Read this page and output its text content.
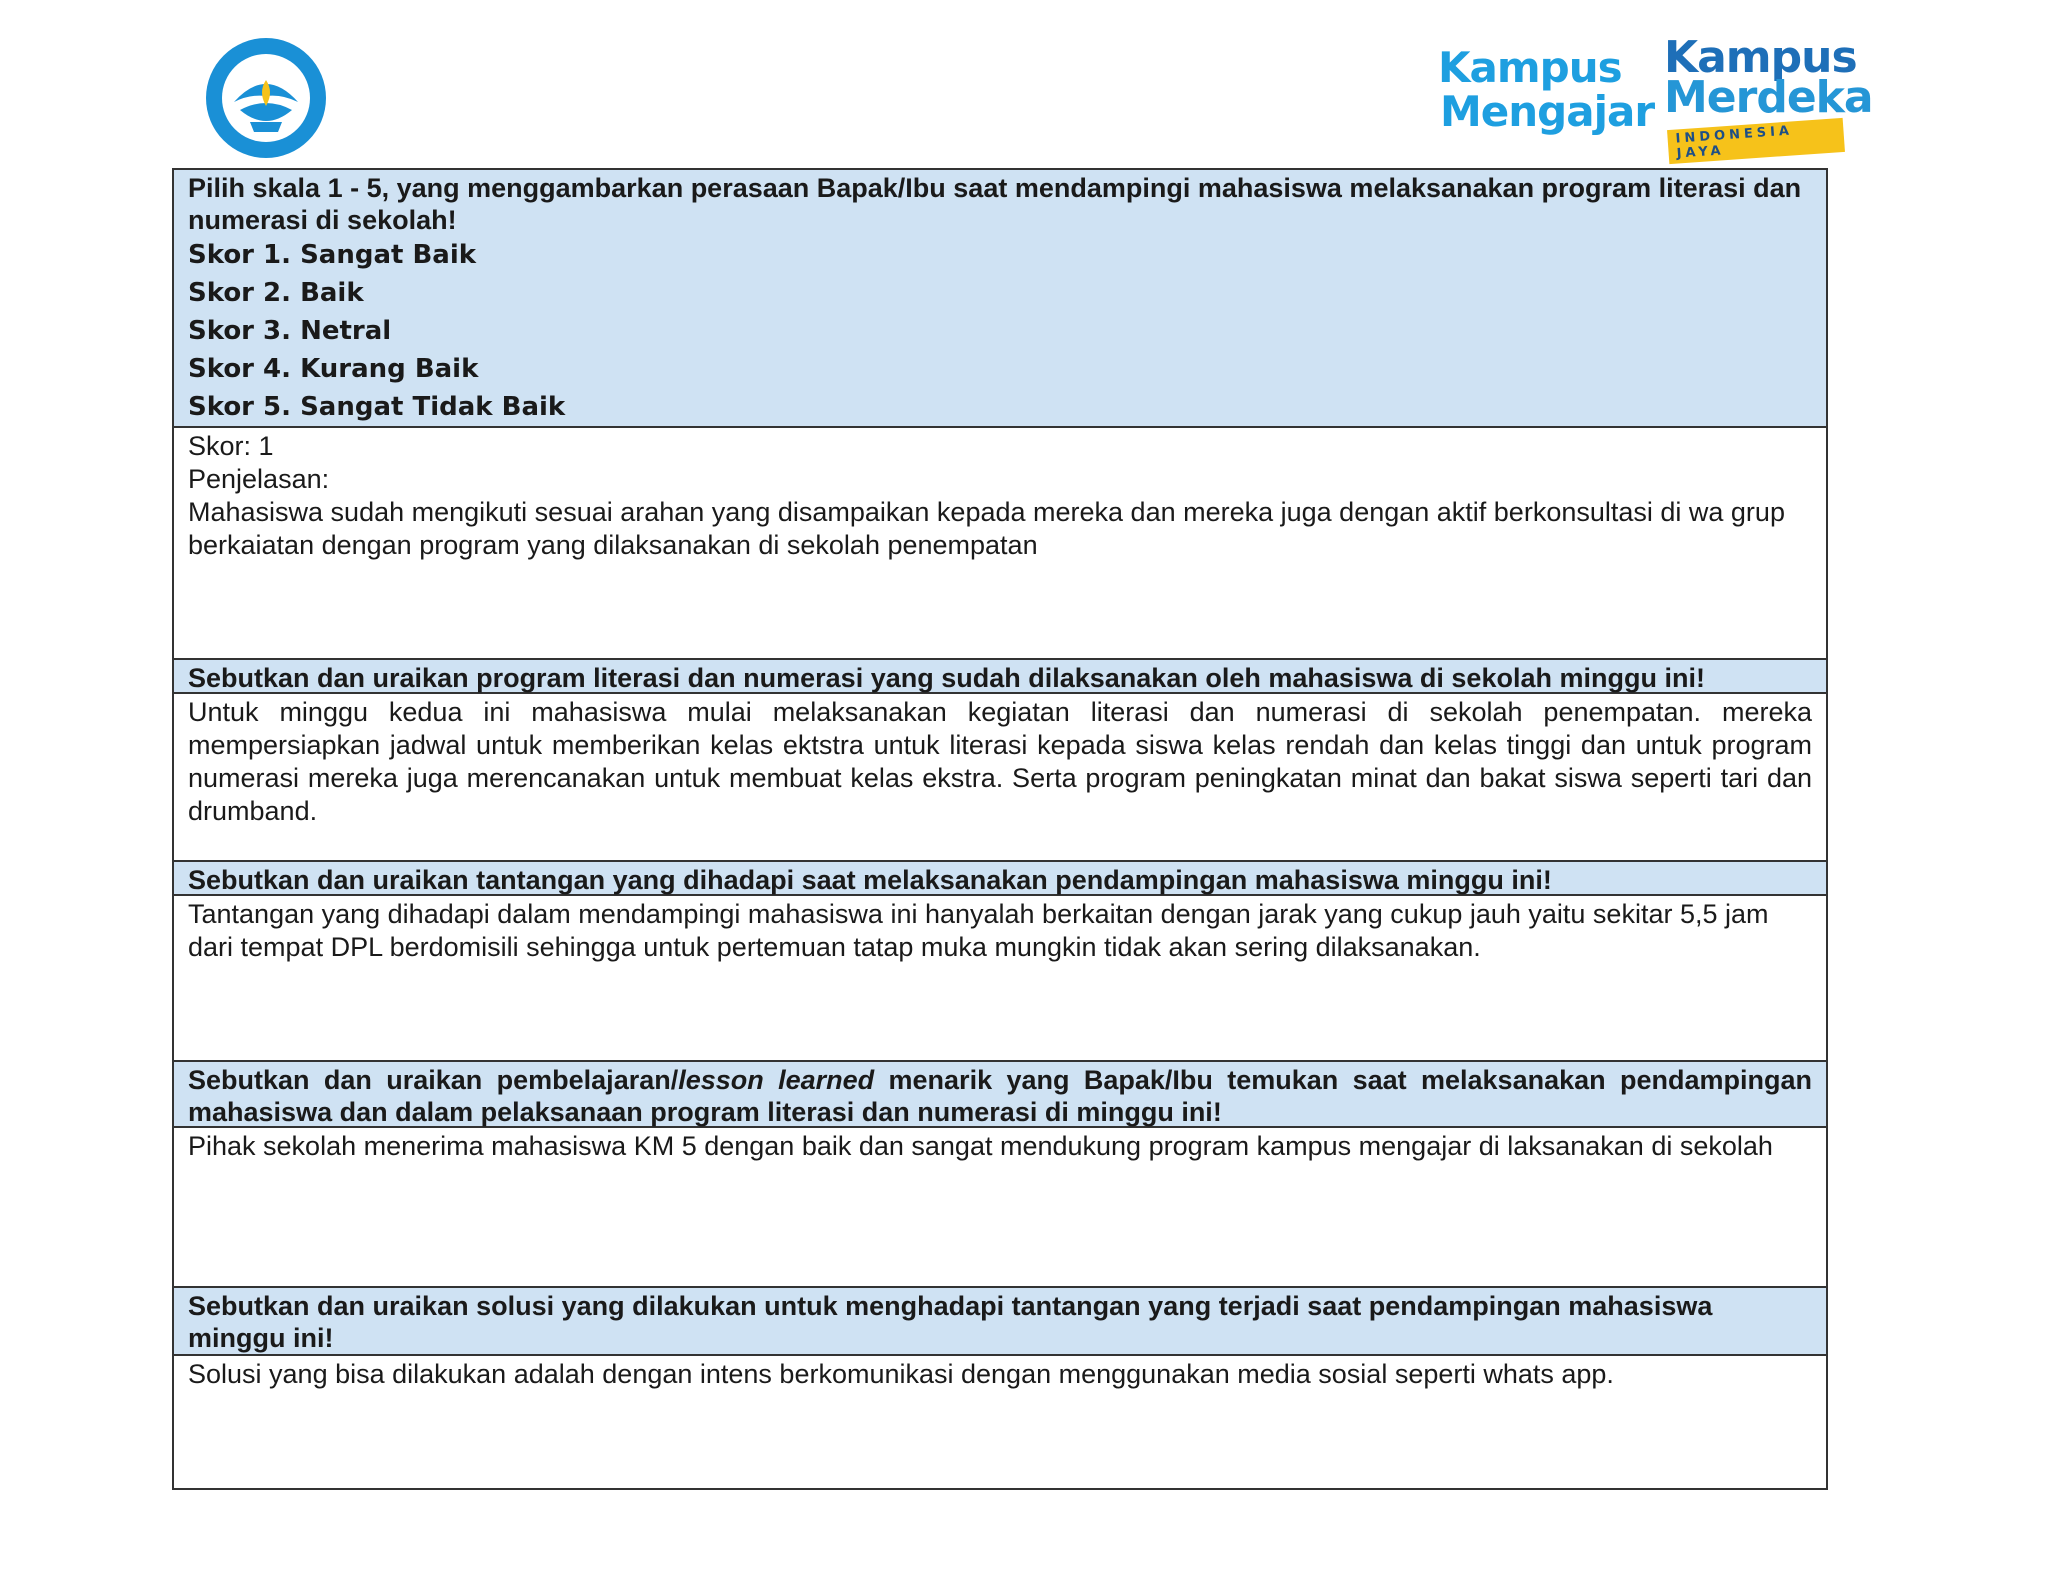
Kampus
Mengajar
Kampus
Merdeka
INDONESIA JAYA
Pilih skala 1 - 5, yang menggambarkan perasaan Bapak/Ibu saat mendampingi mahasiswa melaksanakan program literasi dan numerasi di sekolah!
Skor 1. Sangat Baik
Skor 2. Baik
Skor 3. Netral
Skor 4. Kurang Baik
Skor 5. Sangat Tidak Baik
Skor: 1
Penjelasan:
Mahasiswa sudah mengikuti sesuai arahan yang disampaikan kepada mereka dan mereka juga dengan aktif berkonsultasi di wa grup berkaiatan dengan program yang dilaksanakan di sekolah penempatan
Sebutkan dan uraikan program literasi dan numerasi yang sudah dilaksanakan oleh mahasiswa di sekolah minggu ini!
Untuk minggu kedua ini mahasiswa mulai melaksanakan kegiatan literasi dan numerasi di sekolah penempatan. mereka mempersiapkan jadwal untuk memberikan kelas ektstra untuk literasi kepada siswa kelas rendah dan kelas tinggi dan untuk program numerasi mereka juga merencanakan untuk membuat kelas ekstra. Serta program peningkatan minat dan bakat siswa seperti tari dan drumband.
Sebutkan dan uraikan tantangan yang dihadapi saat melaksanakan pendampingan mahasiswa minggu ini!
Tantangan yang dihadapi dalam mendampingi mahasiswa ini hanyalah berkaitan dengan jarak yang cukup jauh yaitu sekitar 5,5 jam dari tempat DPL berdomisili sehingga untuk pertemuan tatap muka mungkin tidak akan sering dilaksanakan.
Sebutkan dan uraikan pembelajaran/lesson learned menarik yang Bapak/Ibu temukan saat melaksanakan pendampingan mahasiswa dan dalam pelaksanaan program literasi dan numerasi di minggu ini!
Pihak sekolah menerima mahasiswa KM 5 dengan baik dan sangat mendukung program kampus mengajar di laksanakan di sekolah
Sebutkan dan uraikan solusi yang dilakukan untuk menghadapi tantangan yang terjadi saat pendampingan mahasiswa minggu ini!
Solusi yang bisa dilakukan adalah dengan intens berkomunikasi dengan menggunakan media sosial seperti whats app.
